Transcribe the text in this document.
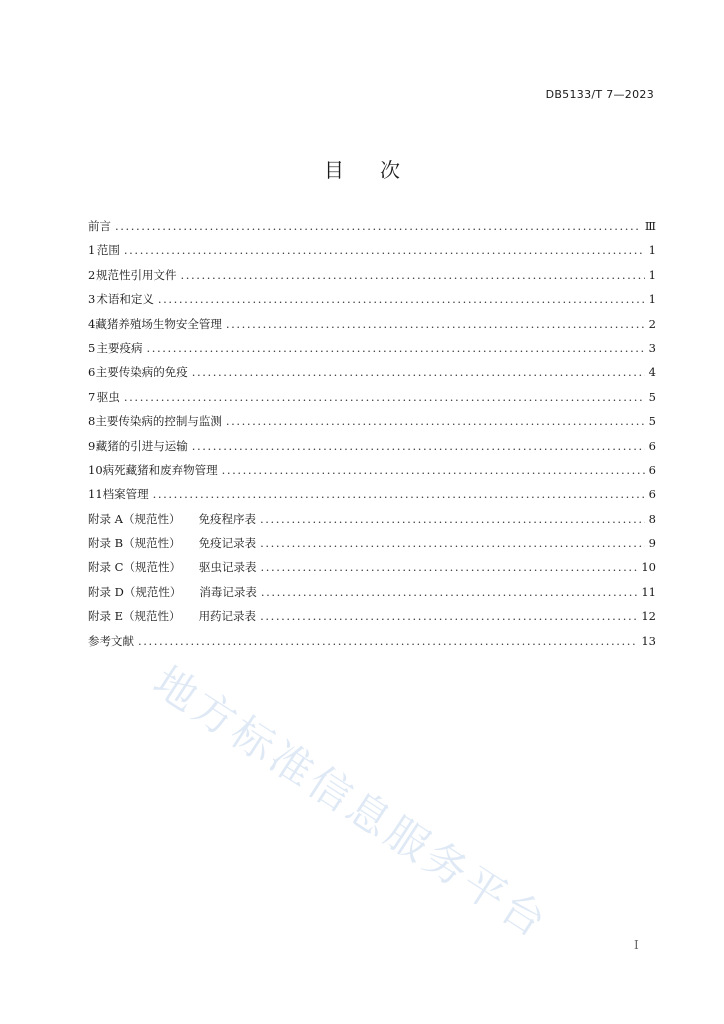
DB5133/T 7—2023
目 次
前言 .....	Ⅲ
1 范围 .....	1
2 规范性引用文件 .....	1
3 术语和定义 .....	1
4 藏猪养殖场生物安全管理 .....	2
5 主要疫病 .....	3
6 主要传染病的免疫 .....	4
7 驱虫 .....	5
8 主要传染病的控制与监测 .....	5
9 藏猪的引进与运输 .....	6
10 病死藏猪和废弃物管理 .....	6
11 档案管理 .....	6
附录 A（规范性） 免疫程序表 .....	8
附录 B（规范性） 免疫记录表 .....	9
附录 C（规范性） 驱虫记录表 .....	10
附录 D（规范性） 消毒记录表 .....	11
附录 E（规范性） 用药记录表 .....	12
参考文献 .....	13
地方标准信息服务平台	I
